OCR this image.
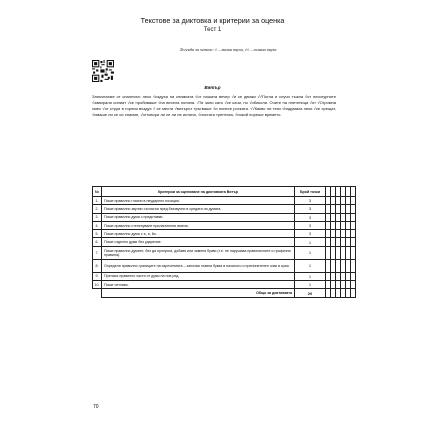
Текстове за диктовка и критерии за оценка
Тест 1
Легенда за четене: √ – малка пауза, √√ – голяма пауза
Вятър
Започнахме от спалнята: леко √издуха на снимката √от нашата вечер √и се движи √√Погна и случи тъжна √от несигурните √завирали синият √се пробиваше √на весела поляна. √Тя зали като √се качи, но √обиколи. Очите на плетеница √от √Огромна смес √от струи в горния въздух √ се мести √вихърът тръгваше √и понесе рохката. √√Какво ли тези √надумаха леки √се срещат, √имаше ли се си спахме, √отговори ли се ли не истина, √листата трептяха, √някой пореше времето.
№	Критерии за оценяване на диктовката Вятър	Брой точки						
1.	Пише правилно гласни в неударено позиция.	3						
2.	Пише правилно звучни съгласни пред беззвучни в средата на думата.	3						
3.	Пише правилно думи с представки.	3						
4.	Пише правилно степенуване прилагателни имена.	3						
5.	Пише правилно думи с ъ, я, йо.	3						
6.	Пише отделно думи без ударение.	1						
7.	Пише правилно думите, без да пропуска, добавя или заменя букви (т.е. не нарушава правописните и графични правила).	1						
8.	Определя правилно границите на изреченията – започва главна буква в началото и препинателен знак в края.	1						
9.	Пренася правилно части от думи на нов ред.	1						
10.	Пише четливо.	1						
	Общо за диктовката	20						
70
